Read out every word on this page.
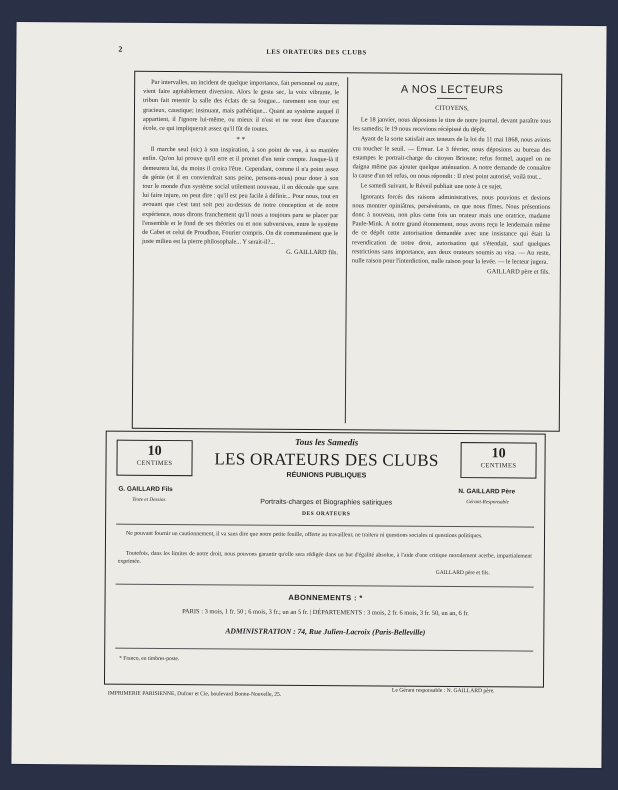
2	LES ORATEURS DES CLUBS

Par intervalles, un incident de quelque importance, fait personnel ou autre, vient faire agréablement diversion. Alors le geste sec, la voix vibrante, le tribun fait retentir la salle des éclats de sa fougue... rarement son tour est gracieux, caustique; insinuant, mais pathétique... Quant au système auquel il appartient, il l'ignore lui-même, ou mieux il n'est et ne veut être d'aucune école, ce qui impliquerait assez qu'il fût de toutes.

* *

Il marche seul (sic) à son inspiration, à son point de vue, à sa manière enfin. Qu'on lui prouve qu'il erre et il promet d'en tenir compte. Jusque-là il demeurera lui, du moins il croira l'être. Cependant, comme il n'a point assez de génie (et il en conviendrait sans peine, pensons-nous) pour doter à son tour le monde d'un système social utilement nouveau, il en découle que sans lui faire injure, on peut dire : qu'il est peu facile à définir... Pour nous, tout en avouant que c'est tant soit peu au-dessus de notre conception et de notre expérience, nous dirons franchement qu'il nous a toujours paru se placer par l'ensemble et le fond de ses théories ou et non subversives, entre le système de Cabet et celui de Proudhon, Fourier compris. On dit communément que le juste milieu est la pierre philosophale... Y serait-il?...

G. GAILLARD fils.
A NOS LECTEURS
CITOYENS,

Le 18 janvier, nous déposions le titre de notre journal, devant paraître tous les samedis; le 19 nous recevions récépissé du dépôt.

Ayant de la sorte satisfait aux teneurs de la loi du 11 mai 1868, nous avions cru toucher le seuil. — Erreur. Le 3 février, nous déposions au bureau des estampes le portrait-charge du citoyen Briosne; refus formel, auquel on ne daigna même pas ajouter quelque atténuation. A notre demande de connaître la cause d'un tel refus, on nous répondit : Il n'est point autorisé, voilà tout...

Le samedi suivant, le Réveil publiait une note à ce sujet.

Ignorants forcés des raisons administratives, nous pouvions et devions nous montrer opiniâtres, persévérants, ce que nous fîmes. Nous présentions donc à nouveau, non plus cette fois un orateur mais une oratrice, madame Paule-Mink. A notre grand étonnement, nous avons reçu le lendemain même de ce dépôt cette autorisation demandée avec une insistance qui était la revendication de notre droit, autorisation qui s'étendait, sauf quelques restrictions sans importance, aux deux orateurs soumis au visa. — Au reste, nulle raison pour l'interdiction, nulle raison pour la levée. — le lecteur jugera.

GAILLARD père et fils.
10
CENTIMES
10
CENTIMES
Tous les Samedis
LES ORATEURS DES CLUBS
RÉUNIONS PUBLIQUES
G. GAILLARD Fils
Texte et Dessins
N. GAILLARD Père
Gérant-Responsable
Portraits-charges et Biographies satiriques
DES ORATEURS
Ne pouvant fournir un cautionnement, il va sans dire que notre petite feuille, offerte au travailleur, ne traitera ni questions sociales ni questions politiques.
Toutefois, dans les limites de notre droit, nous pouvons garantir qu'elle sera rédigée dans un but d'égalité absolue, à l'aide d'une critique moralement acerbe, impartialement exprimée.
GAILLARD père et fils.
ABONNEMENTS : *
PARIS : 3 mois, 1 fr. 50 ; 6 mois, 3 fr.; un an 5 fr. | DÉPARTEMENTS : 3 mois, 2 fr. 6 mois, 3 fr. 50, un an, 6 fr.
ADMINISTRATION : 74, Rue Julien-Lacroix (Paris-Belleville)
* Franco, en timbres-poste.
Le Gérant responsable : N. GAILLARD père.
IMPRIMERIE PARISIENNE, Dufour et Cie, boulevard Bonne-Nouvelle, 25.
